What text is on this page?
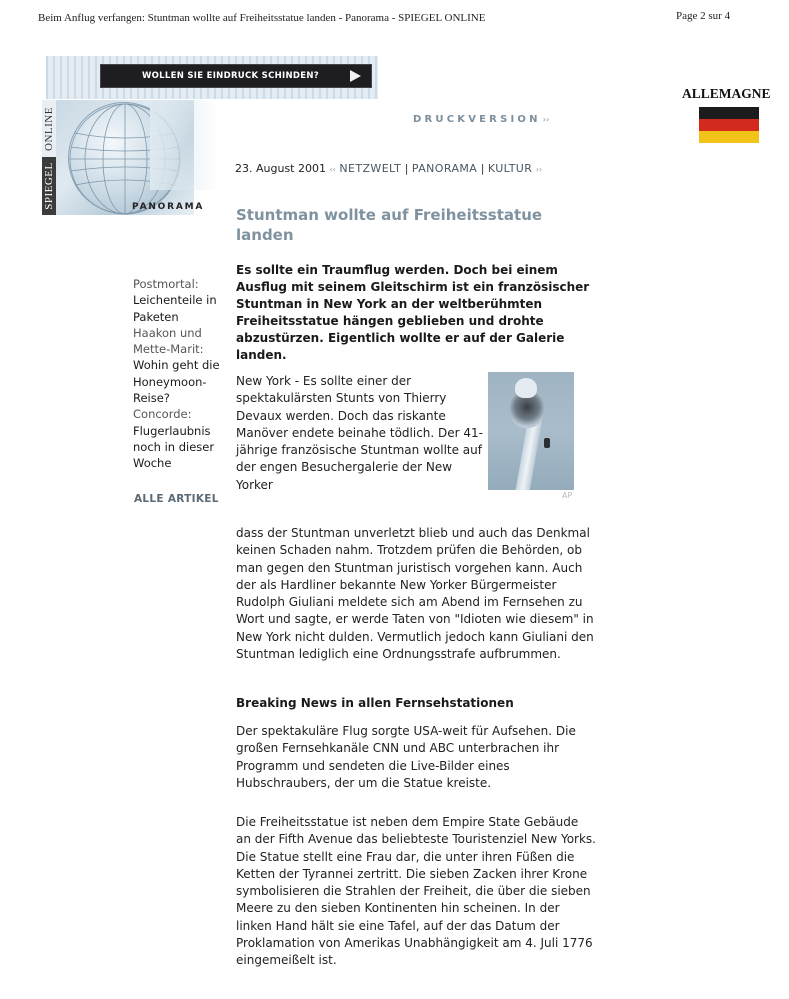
Beim Anflug verfangen: Stuntman wollte auf Freiheitsstatue landen - Panorama - SPIEGEL ONLINE	Page 2 sur 4
WOLLEN SIE EINDRUCK SCHINDEN?
ONLINE
SPIEGEL	PANORAMA
DRUCKVERSION ››
ALLEMAGNE
23. August 2001 ‹‹ NETZWELT | PANORAMA | KULTUR ››
Stuntman wollte auf Freiheitsstatue landen
Postmortal:
Leichenteile in Paketen
Haakon und Mette-Marit:
Wohin geht die Honeymoon-Reise?
Concorde:
Flugerlaubnis noch in dieser Woche
ALLE ARTIKEL

Es sollte ein Traumflug werden. Doch bei einem Ausflug mit seinem Gleitschirm ist ein französischer Stuntman in New York an der weltberühmten Freiheitsstatue hängen geblieben und drohte abzustürzen. Eigentlich wollte er auf der Galerie landen.

New York - Es sollte einer der spektakulärsten Stunts von Thierry Devaux werden. Doch das riskante Manöver endete beinahe tödlich. Der 41-jährige französische Stuntman wollte auf der engen Besuchergalerie der New Yorker

AP

dass der Stuntman unverletzt blieb und auch das Denkmal keinen Schaden nahm. Trotzdem prüfen die Behörden, ob man gegen den Stuntman juristisch vorgehen kann. Auch der als Hardliner bekannte New Yorker Bürgermeister Rudolph Giuliani meldete sich am Abend im Fernsehen zu Wort und sagte, er werde Taten von "Idioten wie diesem" in New York nicht dulden. Vermutlich jedoch kann Giuliani den Stuntman lediglich eine Ordnungsstrafe aufbrummen.

Breaking News in allen Fernsehstationen

Der spektakuläre Flug sorgte USA-weit für Aufsehen. Die großen Fernsehkanäle CNN und ABC unterbrachen ihr Programm und sendeten die Live-Bilder eines Hubschraubers, der um die Statue kreiste.

Die Freiheitsstatue ist neben dem Empire State Gebäude an der Fifth Avenue das beliebteste Touristenziel New Yorks. Die Statue stellt eine Frau dar, die unter ihren Füßen die Ketten der Tyrannei zertritt. Die sieben Zacken ihrer Krone symbolisieren die Strahlen der Freiheit, die über die sieben Meere zu den sieben Kontinenten hin scheinen. In der linken Hand hält sie eine Tafel, auf der das Datum der Proklamation von Amerikas Unabhängigkeit am 4. Juli 1776 eingemeißelt ist.
